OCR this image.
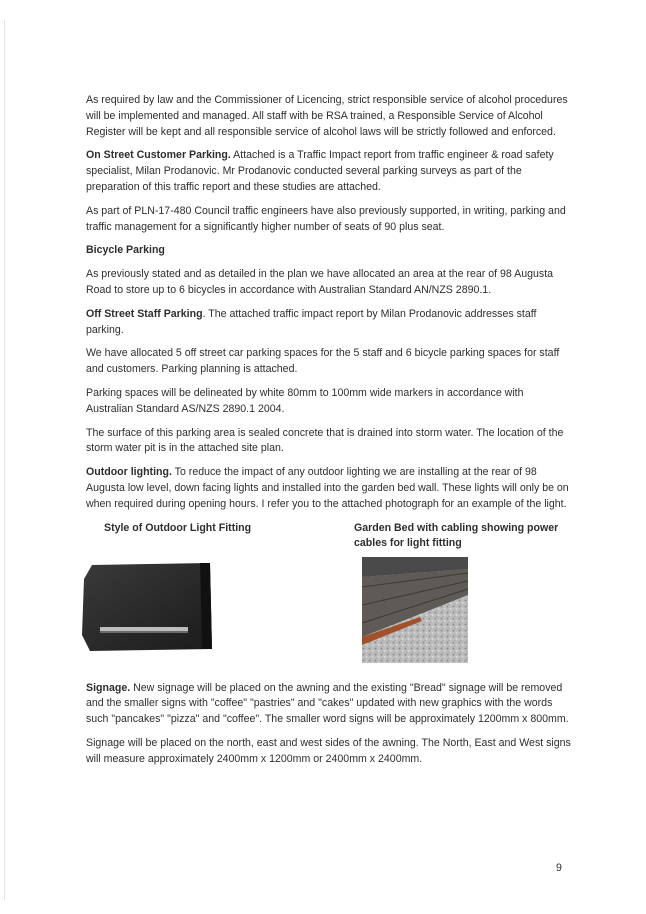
As required by law and the Commissioner of Licencing, strict responsible service of alcohol procedures will be implemented and managed. All staff with be RSA trained, a Responsible Service of Alcohol Register will be kept and all responsible service of alcohol laws will be strictly followed and enforced.

On Street Customer Parking. Attached is a Traffic Impact report from traffic engineer & road safety specialist, Milan Prodanovic. Mr Prodanovic conducted several parking surveys as part of the preparation of this traffic report and these studies are attached.

As part of PLN-17-480 Council traffic engineers have also previously supported, in writing, parking and traffic management for a significantly higher number of seats of 90 plus seat.

Bicycle Parking

As previously stated and as detailed in the plan we have allocated an area at the rear of 98 Augusta Road to store up to 6 bicycles in accordance with Australian Standard AN/NZS 2890.1.

Off Street Staff Parking. The attached traffic impact report by Milan Prodanovic addresses staff parking.

We have allocated 5 off street car parking spaces for the 5 staff and 6 bicycle parking spaces for staff and customers. Parking planning is attached.

Parking spaces will be delineated by white 80mm to 100mm wide markers in accordance with Australian Standard AS/NZS 2890.1 2004.

The surface of this parking area is sealed concrete that is drained into storm water. The location of the storm water pit is in the attached site plan.

Outdoor lighting. To reduce the impact of any outdoor lighting we are installing at the rear of 98 Augusta low level, down facing lights and installed into the garden bed wall. These lights will only be on when required during opening hours. I refer you to the attached photograph for an example of the light.

Style of Outdoor Light Fitting	Garden Bed with cabling showing power cables for light fitting

Signage. New signage will be placed on the awning and the existing "Bread" signage will be removed and the smaller signs with "coffee" "pastries" and "cakes" updated with new graphics with the words such "pancakes" "pizza" and "coffee". The smaller word signs will be approximately 1200mm x 800mm.

Signage will be placed on the north, east and west sides of the awning. The North, East and West signs will measure approximately 2400mm x 1200mm or 2400mm x 2400mm.

9
